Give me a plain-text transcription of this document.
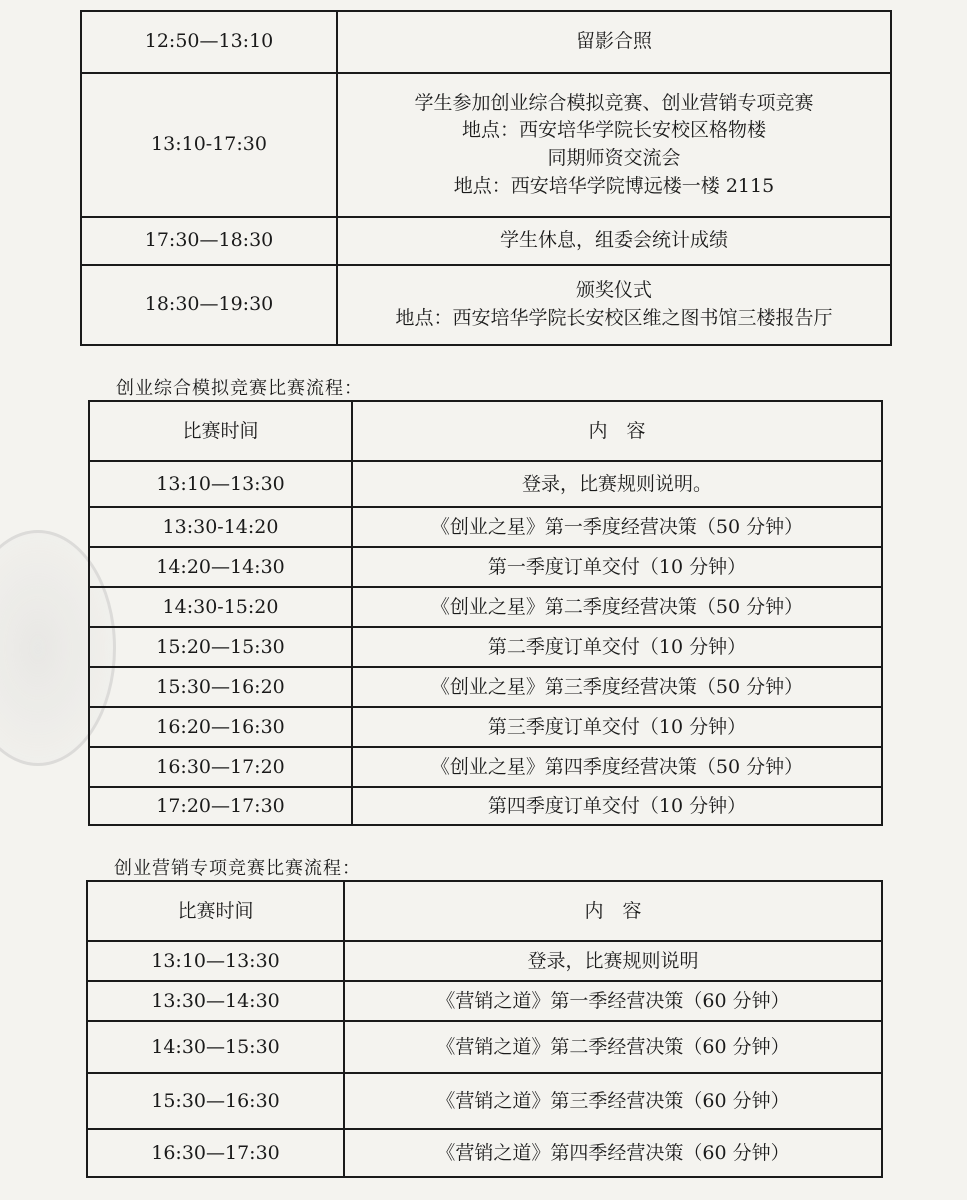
12:50—13:10	留影合照

13:10-17:30	学生参加创业综合模拟竞赛、创业营销专项竞赛
地点：西安培华学院长安校区格物楼
同期师资交流会
地点：西安培华学院博远楼一楼 2115

17:30—18:30	学生休息，组委会统计成绩

18:30—19:30	颁奖仪式
地点：西安培华学院长安校区维之图书馆三楼报告厅
创业综合模拟竞赛比赛流程：
比赛时间	内　容
13:10—13:30	登录，比赛规则说明。
13:30-14:20	《创业之星》第一季度经营决策（50 分钟）
14:20—14:30	第一季度订单交付（10 分钟）
14:30-15:20	《创业之星》第二季度经营决策（50 分钟）
15:20—15:30	第二季度订单交付（10 分钟）
15:30—16:20	《创业之星》第三季度经营决策（50 分钟）
16:20—16:30	第三季度订单交付（10 分钟）
16:30—17:20	《创业之星》第四季度经营决策（50 分钟）
17:20—17:30	第四季度订单交付（10 分钟）
创业营销专项竞赛比赛流程：
比赛时间	内　容
13:10—13:30	登录，比赛规则说明
13:30—14:30	《营销之道》第一季经营决策（60 分钟）
14:30—15:30	《营销之道》第二季经营决策（60 分钟）
15:30—16:30	《营销之道》第三季经营决策（60 分钟）
16:30—17:30	《营销之道》第四季经营决策（60 分钟）
